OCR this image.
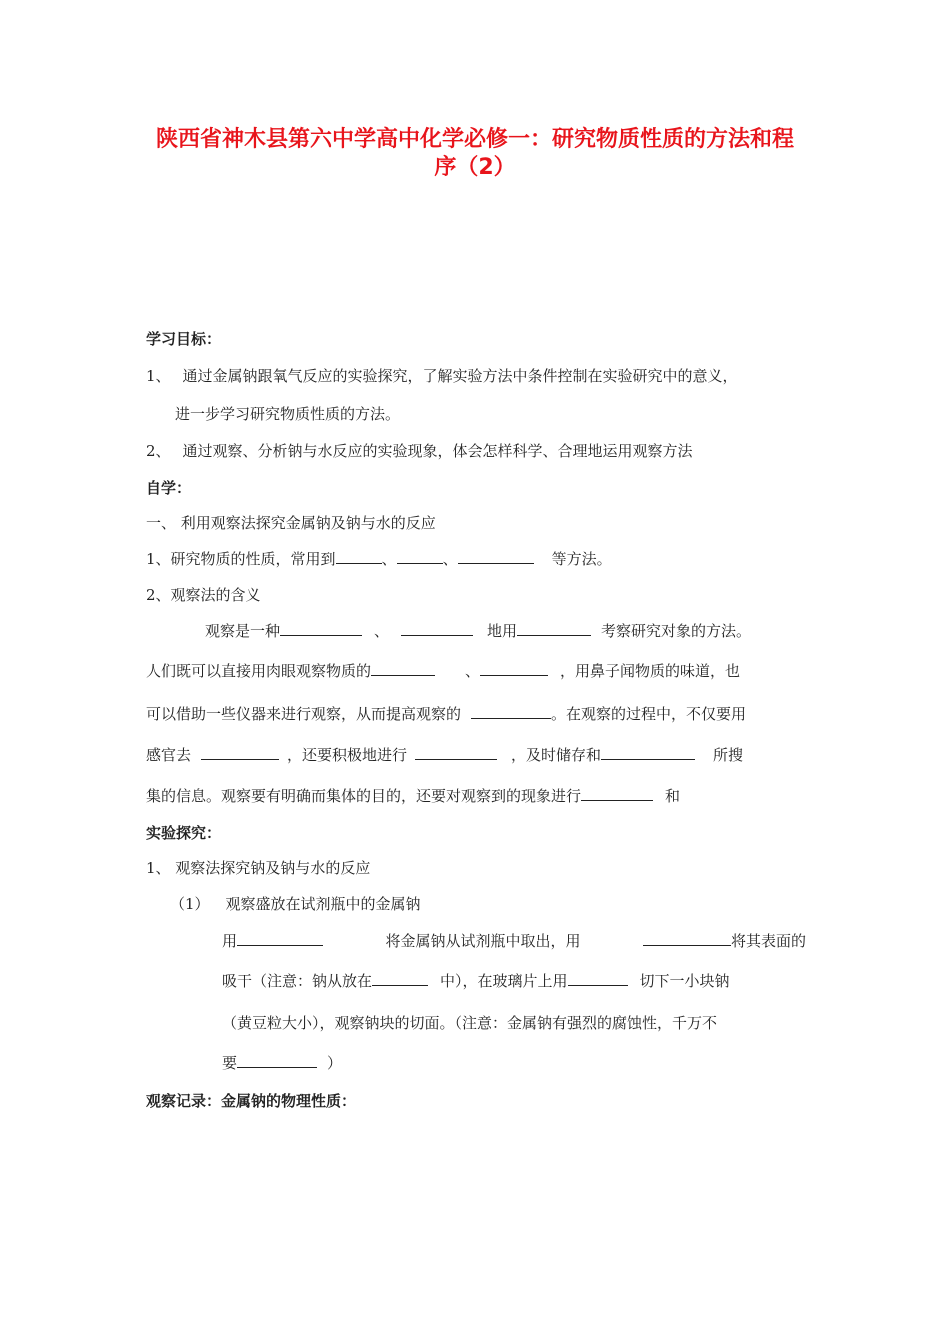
陕西省神木县第六中学高中化学必修一：研究物质性质的方法和程
序（2）
学习目标：
1、 通过金属钠跟氧气反应的实验探究，了解实验方法中条件控制在实验研究中的意义，
进一步学习研究物质性质的方法。
2、 通过观察、分析钠与水反应的实验现象，体会怎样科学、合理地运用观察方法
自学：
一、 利用观察法探究金属钠及钠与水的反应
1、研究物质的性质，常用到	、	、	等方法。
2、观察法的含义
观察是一种	、	地用	考察研究对象的方法。
人们既可以直接用肉眼观察物质的	、	，用鼻子闻物质的味道，也
可以借助一些仪器来进行观察，从而提高观察的	。在观察的过程中，不仅要用
感官去	，还要积极地进行	，及时储存和	所搜
集的信息。观察要有明确而集体的目的，还要对观察到的现象进行	和
实验探究：
1、 观察法探究钠及钠与水的反应
（1） 观察盛放在试剂瓶中的金属钠
用	将金属钠从试剂瓶中取出，用	将其表面的
吸干（注意：钠从放在	中），在玻璃片上用	切下一小块钠
（黄豆粒大小），观察钠块的切面。（注意：金属钠有强烈的腐蚀性，千万不
要	）
观察记录：金属钠的物理性质：
